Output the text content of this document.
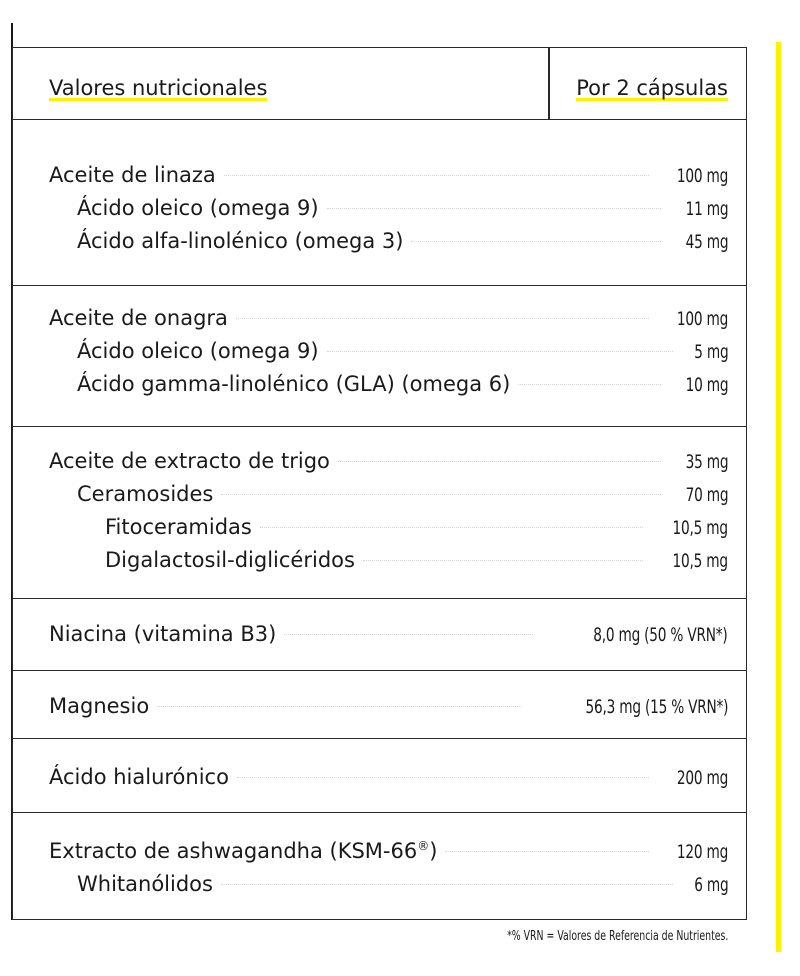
Valores nutricionales	Por 2 cápsulas
Aceite de linaza	100 mg
Ácido oleico (omega 9)	11 mg
Ácido alfa-linolénico (omega 3)	45 mg
Aceite de onagra	100 mg
Ácido oleico (omega 9)	5 mg
Ácido gamma-linolénico (GLA) (omega 6)	10 mg
Aceite de extracto de trigo	35 mg
Ceramosides	70 mg
Fitoceramidas	10,5 mg
Digalactosil-diglicéridos	10,5 mg
Niacina (vitamina B3)	8,0 mg (50 % VRN*)
Magnesio	56,3 mg (15 % VRN*)
Ácido hialurónico	200 mg
Extracto de ashwagandha (KSM-66®)	120 mg
Whitanólidos	6 mg
*% VRN = Valores de Referencia de Nutrientes.
